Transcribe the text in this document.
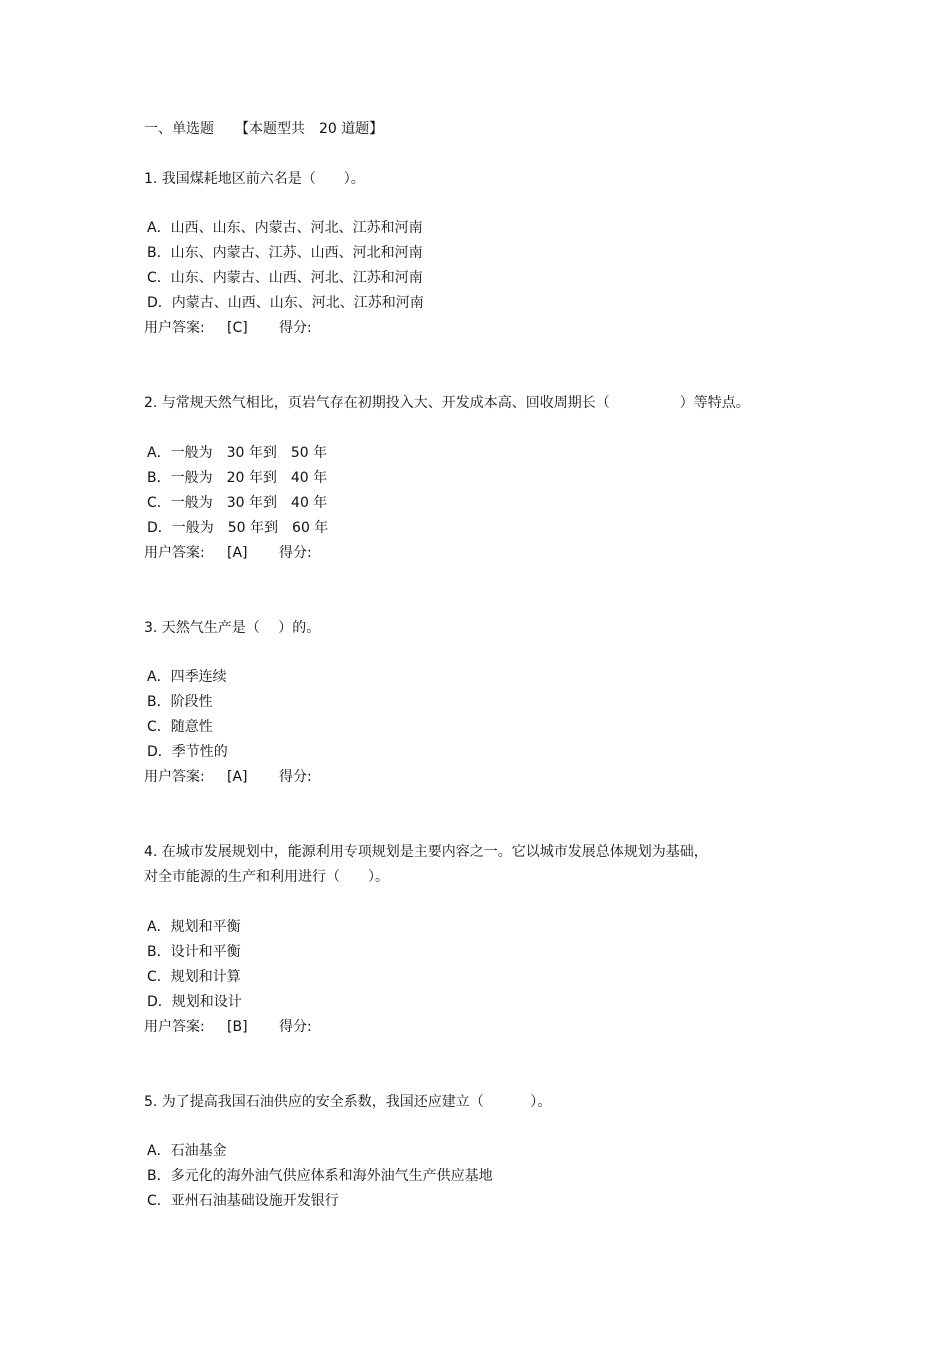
一、单选题　　【本题型共　20 道题】
1. 我国煤耗地区前六名是（　　）。
A．山西、山东、内蒙古、河北、江苏和河南
B．山东、内蒙古、江苏、山西、河北和河南
C．山东、内蒙古、山西、河北、江苏和河南
D．内蒙古、山西、山东、河北、江苏和河南

用户答案:

[C]

得分:

2. 与常规天然气相比，页岩气存在初期投入大、开发成本高、回收周期长（　　　　　）等特点。
A．一般为　30 年到　50 年
B．一般为　20 年到　40 年
C．一般为　30 年到　40 年
D．一般为　50 年到　60 年

用户答案:

[A]

得分:

3. 天然气生产是（　 ）的。
A．四季连续
B．阶段性
C．随意性
D．季节性的

用户答案:

[A]

得分:

4. 在城市发展规划中，能源利用专项规划是主要内容之一。它以城市发展总体规划为基础，
对全市能源的生产和利用进行（　　）。
A．规划和平衡
B．设计和平衡
C．规划和计算
D．规划和设计

用户答案:

[B]

得分:

5. 为了提高我国石油供应的安全系数，我国还应建立（　　　 ）。
A．石油基金
B．多元化的海外油气供应体系和海外油气生产供应基地
C．亚州石油基础设施开发银行
